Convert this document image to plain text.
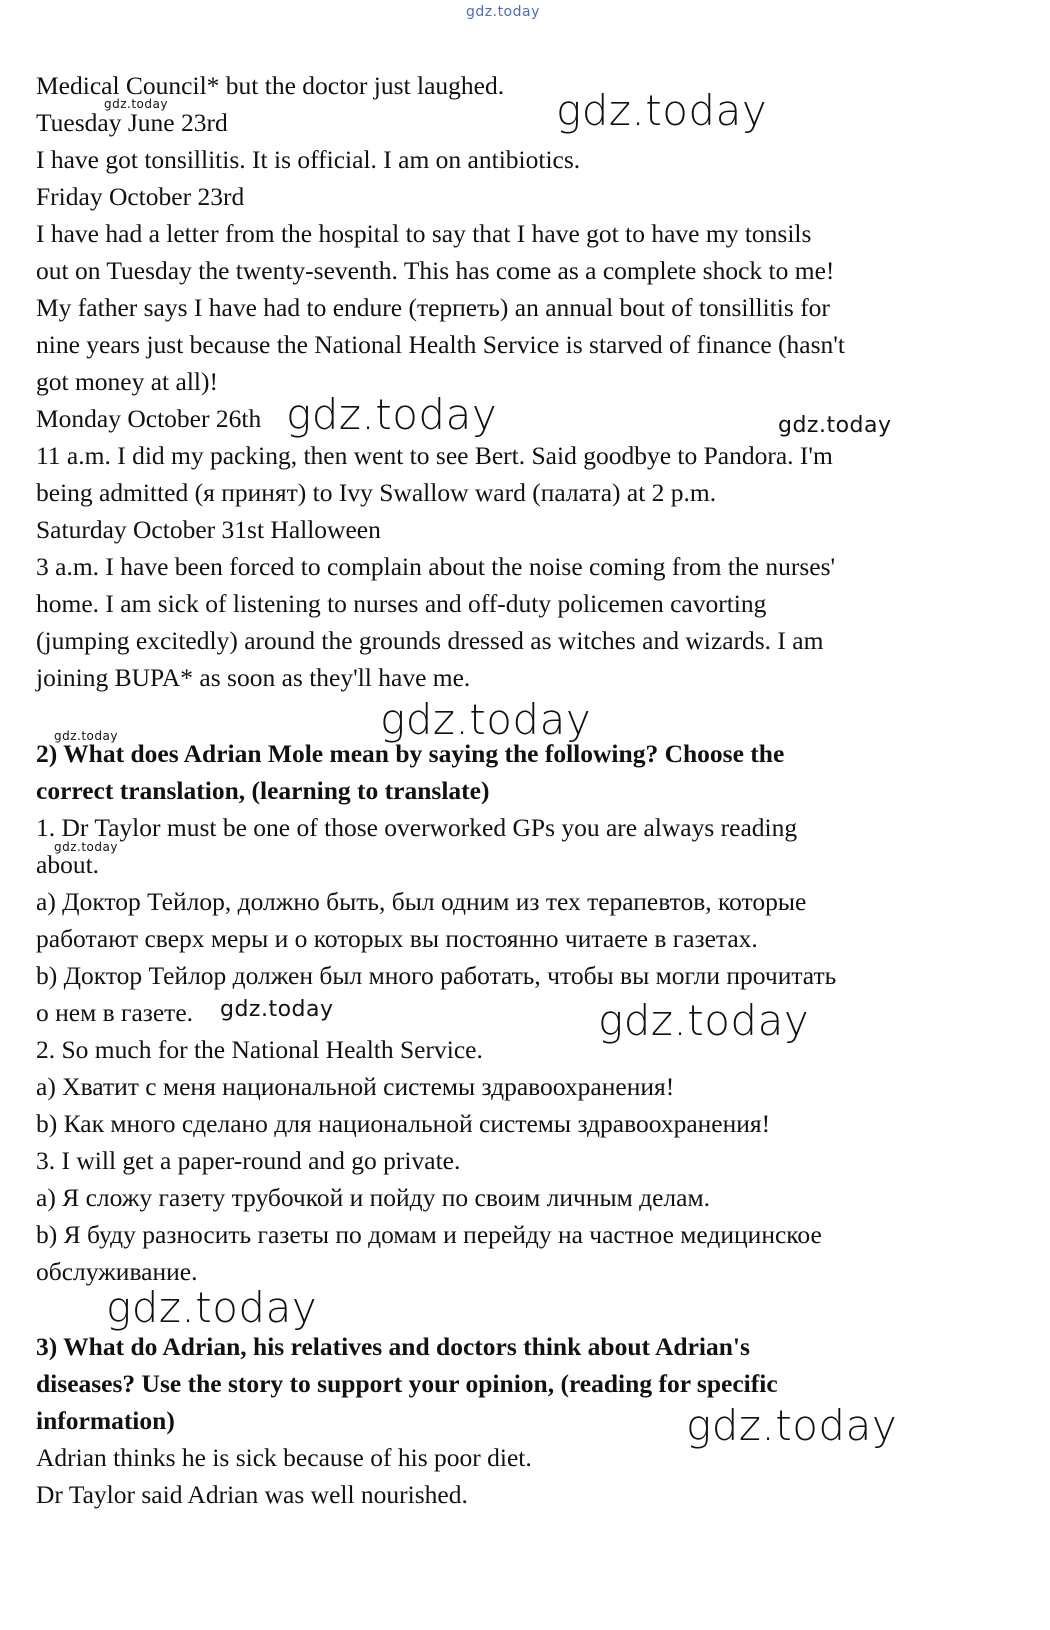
gdz.today
Medical Council* but the doctor just laughed.
Tuesday June 23rd
I have got tonsillitis. It is official. I am on antibiotics.
Friday October 23rd
I have had a letter from the hospital to say that I have got to have my tonsils
out on Tuesday the twenty-seventh. This has come as a complete shock to me!
My father says I have had to endure (терпеть) an annual bout of tonsillitis for
nine years just because the National Health Service is starved of finance (hasn't
got money at all)!
Monday October 26th
11 a.m. I did my packing, then went to see Bert. Said goodbye to Pandora. I'm
being admitted (я принят) to Ivy Swallow ward (палата) at 2 p.m.
Saturday October 31st Halloween
3 a.m. I have been forced to complain about the noise coming from the nurses'
home. I am sick of listening to nurses and off-duty policemen cavorting
(jumping excitedly) around the grounds dressed as witches and wizards. I am
joining BUPA* as soon as they'll have me.
2) What does Adrian Mole mean by saying the following? Choose the
correct translation, (learning to translate)
1. Dr Taylor must be one of those overworked GPs you are always reading
about.
a) Доктор Тейлор, должно быть, был одним из тех терапевтов, которые
работают сверх меры и о которых вы постоянно читаете в газетах.
b) Доктор Тейлор должен был много работать, чтобы вы могли прочитать
о нем в газете.
2. So much for the National Health Service.
a) Хватит с меня национальной системы здравоохранения!
b) Как много сделано для национальной системы здравоохранения!
3. I will get a paper-round and go private.
a) Я сложу газету трубочкой и пойду по своим личным делам.
b) Я буду разносить газеты по домам и перейду на частное медицинское
обслуживание.
3) What do Adrian, his relatives and doctors think about Adrian's
diseases? Use the story to support your opinion, (reading for specific
information)
Adrian thinks he is sick because of his poor diet.
Dr Taylor said Adrian was well nourished.
gdz.today	gdz.today
gdz.today	gdz.today
gdz.today
gdz.today
gdz.today
gdz.today	gdz.today
gdz.today
gdz.today
